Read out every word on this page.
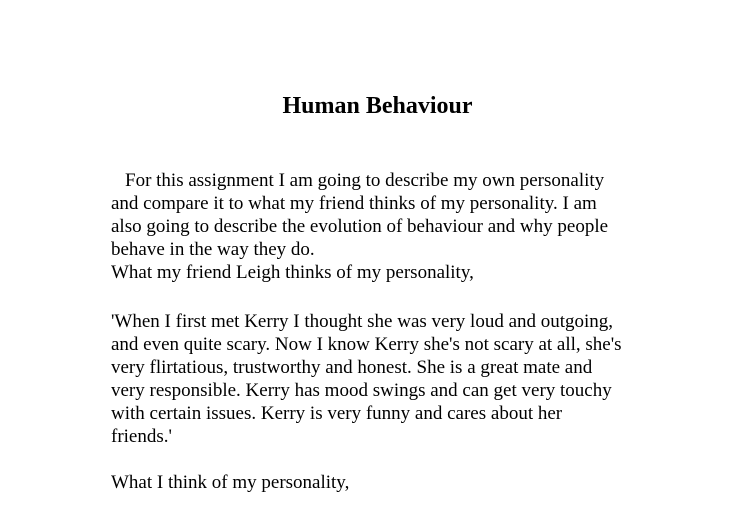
Human Behaviour
For this assignment I am going to describe my own personality
and compare it to what my friend thinks of my personality. I am
also going to describe the evolution of behaviour and why people
behave in the way they do.
What my friend Leigh thinks of my personality,
'When I first met Kerry I thought she was very loud and outgoing,
and even quite scary. Now I know Kerry she's not scary at all, she's
very flirtatious, trustworthy and honest. She is a great mate and
very responsible. Kerry has mood swings and can get very touchy
with certain issues. Kerry is very funny and cares about her
friends.'
What I think of my personality,
